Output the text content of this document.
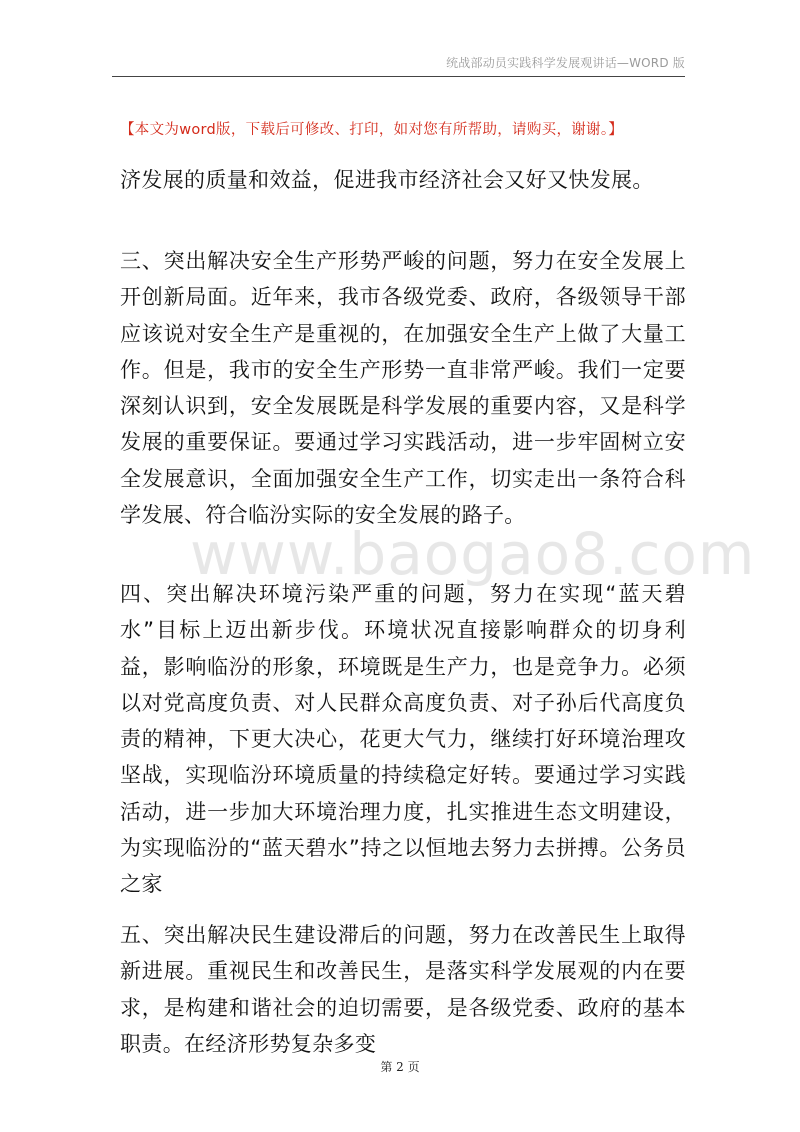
统战部动员实践科学发展观讲话—WORD 版
【本文为word版，下载后可修改、打印，如对您有所帮助，请购买，谢谢。】
济发展的质量和效益，促进我市经济社会又好又快发展。
三、突出解决安全生产形势严峻的问题，努力在安全发展上开创新局面。近年来，我市各级党委、政府，各级领导干部应该说对安全生产是重视的，在加强安全生产上做了大量工作。但是，我市的安全生产形势一直非常严峻。我们一定要深刻认识到，安全发展既是科学发展的重要内容，又是科学发展的重要保证。要通过学习实践活动，进一步牢固树立安全发展意识，全面加强安全生产工作，切实走出一条符合科学发展、符合临汾实际的安全发展的路子。
www.baogao8.com
四、突出解决环境污染严重的问题，努力在实现“蓝天碧水”目标上迈出新步伐。环境状况直接影响群众的切身利益，影响临汾的形象，环境既是生产力，也是竞争力。必须以对党高度负责、对人民群众高度负责、对子孙后代高度负责的精神，下更大决心，花更大气力，继续打好环境治理攻坚战，实现临汾环境质量的持续稳定好转。要通过学习实践活动，进一步加大环境治理力度，扎实推进生态文明建设，为实现临汾的“蓝天碧水”持之以恒地去努力去拼搏。公务员之家
五、突出解决民生建设滞后的问题，努力在改善民生上取得新进展。重视民生和改善民生，是落实科学发展观的内在要求，是构建和谐社会的迫切需要，是各级党委、政府的基本职责。在经济形势复杂多变
第 2 页
